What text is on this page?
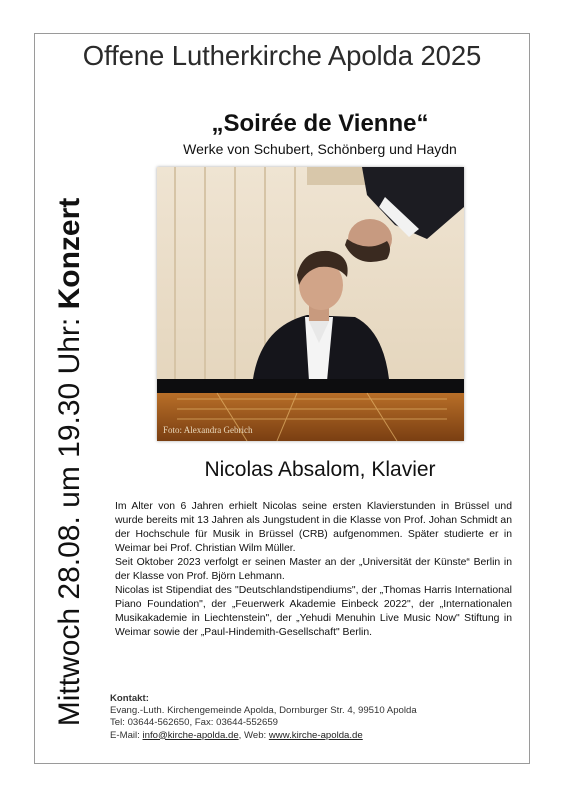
Offene Lutherkirche Apolda 2025
Mittwoch 28.08. um 19.30 Uhr: Konzert
„Soirée de Vienne“
Werke von Schubert, Schönberg und Haydn
Foto: Alexandra Gebrich
Nicolas Absalom, Klavier

Im Alter von 6 Jahren erhielt Nicolas seine ersten Klavierstunden in Brüssel und wurde bereits mit 13 Jahren als Jungstudent in die Klasse von Prof. Johan Schmidt an der Hochschule für Musik in Brüssel (CRB) aufgenommen. Später studierte er in Weimar bei Prof. Christian Wilm Müller.

Seit Oktober 2023 verfolgt er seinen Master an der „Universität der Künste“ Berlin in der Klasse von Prof. Björn Lehmann.

Nicolas ist Stipendiat des "Deutschlandstipendiums", der „Thomas Harris International Piano Foundation", der „Feuerwerk Akademie Einbeck 2022", der „Internationalen Musikakademie in Liechtenstein", der „Yehudi Menuhin Live Music Now" Stiftung in Weimar sowie der „Paul-Hindemith-Gesellschaft" Berlin.

Kontakt:
Evang.-Luth. Kirchengemeinde Apolda, Dornburger Str. 4, 99510 Apolda
Tel: 03644-562650, Fax: 03644-552659
E-Mail: info@kirche-apolda.de, Web: www.kirche-apolda.de
